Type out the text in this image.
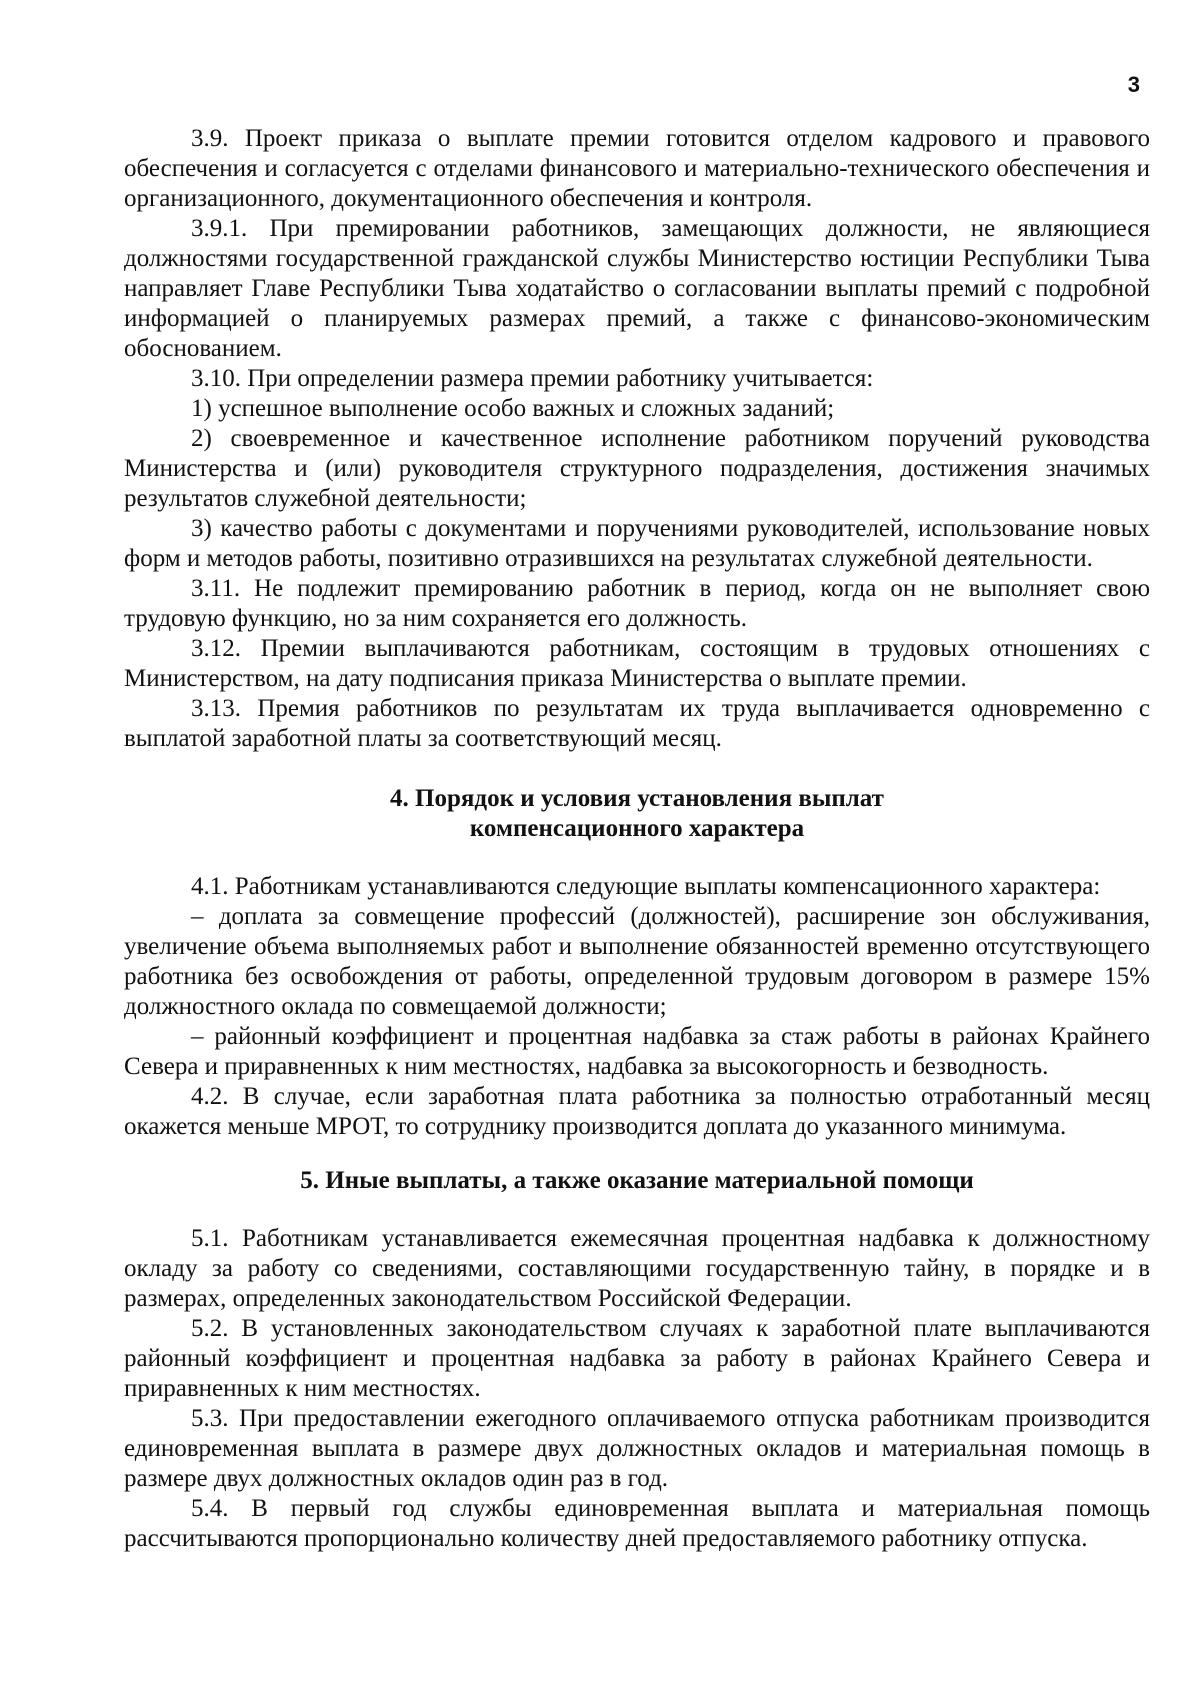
3

3.9. Проект приказа о выплате премии готовится отделом кадрового и правового обеспечения и согласуется с отделами финансового и материально-технического обеспечения и организационного, документационного обеспечения и контроля.

3.9.1. При премировании работников, замещающих должности, не являющиеся должностями государственной гражданской службы Министерство юстиции Республики Тыва направляет Главе Республики Тыва ходатайство о согласовании выплаты премий с подробной информацией о планируемых размерах премий, а также с финансово-экономическим обоснованием.

3.10. При определении размера премии работнику учитывается:

1) успешное выполнение особо важных и сложных заданий;

2) своевременное и качественное исполнение работником поручений руководства Министерства и (или) руководителя структурного подразделения, достижения значимых результатов служебной деятельности;

3) качество работы с документами и поручениями руководителей, использование новых форм и методов работы, позитивно отразившихся на результатах служебной деятельности.

3.11. Не подлежит премированию работник в период, когда он не выполняет свою трудовую функцию, но за ним сохраняется его должность.

3.12. Премии выплачиваются работникам, состоящим в трудовых отношениях с Министерством, на дату подписания приказа Министерства о выплате премии.

3.13. Премия работников по результатам их труда выплачивается одновременно с выплатой заработной платы за соответствующий месяц.

4. Порядок и условия установления выплат
компенсационного характера

4.1. Работникам устанавливаются следующие выплаты компенсационного характера:

– доплата за совмещение профессий (должностей), расширение зон обслуживания, увеличение объема выполняемых работ и выполнение обязанностей временно отсутствующего работника без освобождения от работы, определенной трудовым договором в размере 15% должностного оклада по совмещаемой должности;

– районный коэффициент и процентная надбавка за стаж работы в районах Крайнего Севера и приравненных к ним местностях, надбавка за высокогорность и безводность.

4.2. В случае, если заработная плата работника за полностью отработанный месяц окажется меньше МРОТ, то сотруднику производится доплата до указанного минимума.

5. Иные выплаты, а также оказание материальной помощи

5.1. Работникам устанавливается ежемесячная процентная надбавка к должностному окладу за работу со сведениями, составляющими государственную тайну, в порядке и в размерах, определенных законодательством Российской Федерации.

5.2. В установленных законодательством случаях к заработной плате выплачиваются районный коэффициент и процентная надбавка за работу в районах Крайнего Севера и приравненных к ним местностях.

5.3. При предоставлении ежегодного оплачиваемого отпуска работникам производится единовременная выплата в размере двух должностных окладов и материальная помощь в размере двух должностных окладов один раз в год.

5.4. В первый год службы единовременная выплата и материальная помощь рассчитываются пропорционально количеству дней предоставляемого работнику отпуска.
